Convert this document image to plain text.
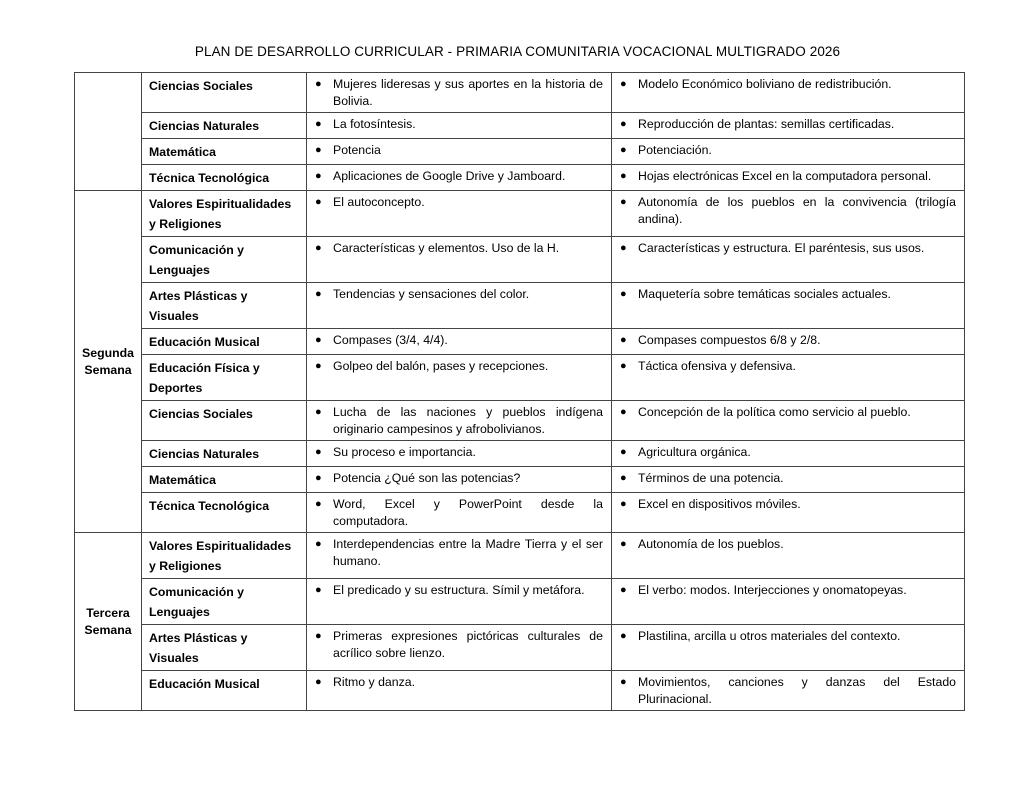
PLAN DE DESARROLLO CURRICULAR - PRIMARIA COMUNITARIA VOCACIONAL MULTIGRADO 2026
	Ciencias Sociales	● Mujeres lideresas y sus aportes en la historia de Bolivia.	● Modelo Económico boliviano de redistribución.

	Ciencias Naturales	● La fotosíntesis.	● Reproducción de plantas: semillas certificadas.

	Matemática	● Potencia	● Potenciación.

	Técnica Tecnológica	● Aplicaciones de Google Drive y Jamboard.	● Hojas electrónicas Excel en la computadora personal.

Segunda Semana	Valores Espiritualidades y Religiones	● El autoconcepto.	● Autonomía de los pueblos en la convivencia (trilogía andina).

	Comunicación y Lenguajes	● Características y elementos. Uso de la H.	● Características y estructura. El paréntesis, sus usos.

	Artes Plásticas y Visuales	● Tendencias y sensaciones del color.	● Maquetería sobre temáticas sociales actuales.

	Educación Musical	● Compases (3/4, 4/4).	● Compases compuestos 6/8 y 2/8.

	Educación Física y Deportes	● Golpeo del balón, pases y recepciones.	● Táctica ofensiva y defensiva.

	Ciencias Sociales	● Lucha de las naciones y pueblos indígena originario campesinos y afrobolivianos.	● Concepción de la política como servicio al pueblo.

	Ciencias Naturales	● Su proceso e importancia.	● Agricultura orgánica.

	Matemática	● Potencia ¿Qué son las potencias?	● Términos de una potencia.

	Técnica Tecnológica	● Word, Excel y PowerPoint desde la computadora.	● Excel en dispositivos móviles.

Tercera Semana	Valores Espiritualidades y Religiones	● Interdependencias entre la Madre Tierra y el ser humano.	● Autonomía de los pueblos.

	Comunicación y Lenguajes	● El predicado y su estructura. Símil y metáfora.	● El verbo: modos. Interjecciones y onomatopeyas.

	Artes Plásticas y Visuales	● Primeras expresiones pictóricas culturales de acrílico sobre lienzo.	● Plastilina, arcilla u otros materiales del contexto.

	Educación Musical	● Ritmo y danza.	● Movimientos, canciones y danzas del Estado Plurinacional.
